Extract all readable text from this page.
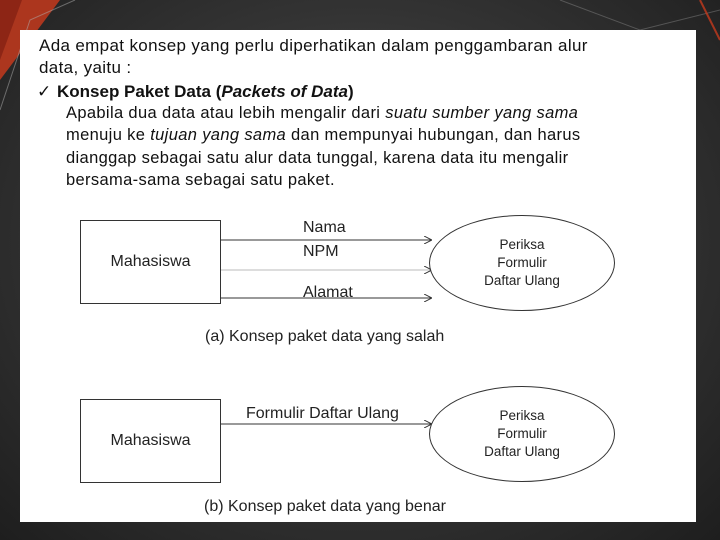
Ada empat konsep yang perlu diperhatikan dalam penggambaran alur
data, yaitu :
✓ Konsep Paket Data (Packets of Data)
Apabila dua data atau lebih mengalir dari suatu sumber yang sama
menuju ke tujuan yang sama dan mempunyai hubungan, dan harus
dianggap sebagai satu alur data tunggal, karena data itu mengalir
bersama-sama sebagai satu paket.
Mahasiswa
Nama
NPM
Alamat
Periksa
Formulir
Daftar Ulang
(a) Konsep paket data yang salah
Mahasiswa
Formulir Daftar Ulang	Periksa
Formulir
Daftar Ulang
(b) Konsep paket data yang benar
